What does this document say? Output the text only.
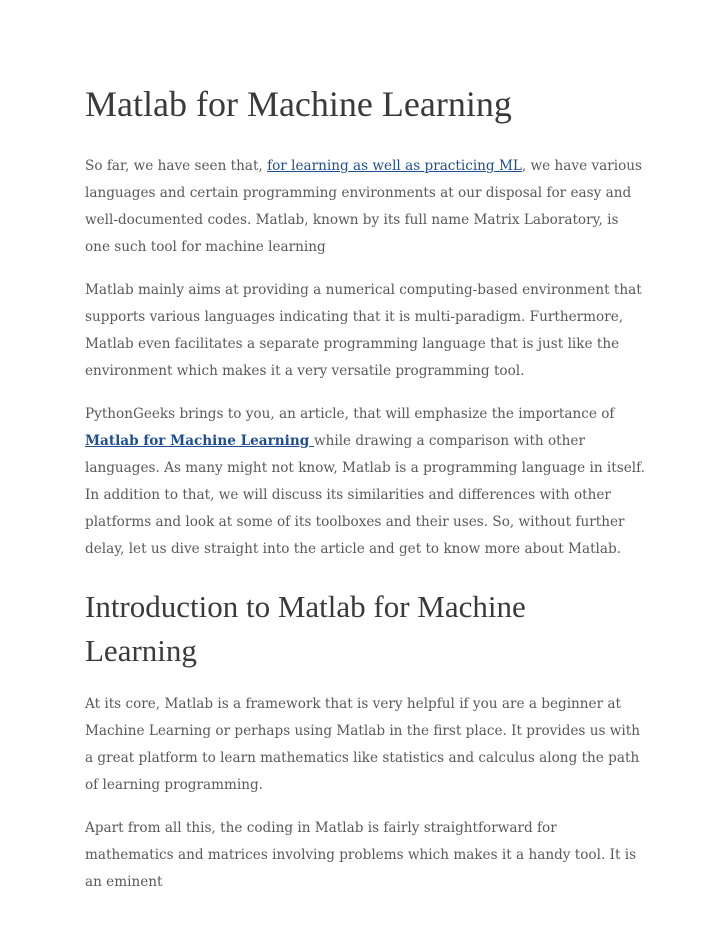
Matlab for Machine Learning

So far, we have seen that, for learning as well as practicing ML, we have various languages and certain programming environments at our disposal for easy and well-documented codes. Matlab, known by its full name Matrix Laboratory, is one such tool for machine learning

Matlab mainly aims at providing a numerical computing-based environment that supports various languages indicating that it is multi-paradigm. Furthermore, Matlab even facilitates a separate programming language that is just like the environment which makes it a very versatile programming tool.

PythonGeeks brings to you, an article, that will emphasize the importance of Matlab for Machine Learning while drawing a comparison with other languages. As many might not know, Matlab is a programming language in itself. In addition to that, we will discuss its similarities and differences with other platforms and look at some of its toolboxes and their uses. So, without further delay, let us dive straight into the article and get to know more about Matlab.

Introduction to Matlab for Machine Learning

At its core, Matlab is a framework that is very helpful if you are a beginner at Machine Learning or perhaps using Matlab in the first place. It provides us with a great platform to learn mathematics like statistics and calculus along the path of learning programming.

Apart from all this, the coding in Matlab is fairly straightforward for mathematics and matrices involving problems which makes it a handy tool. It is an eminent
